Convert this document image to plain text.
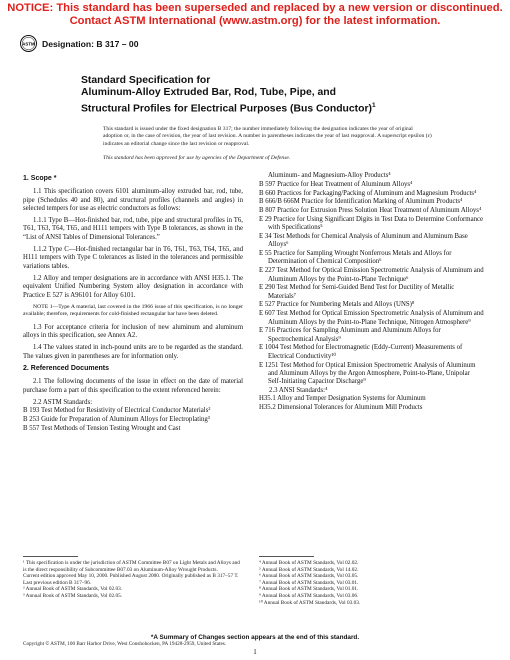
NOTICE: This standard has been superseded and replaced by a new version or discontinued.
Contact ASTM International (www.astm.org) for the latest information.
ASTM Designation: B 317 – 00
Standard Specification for
Aluminum-Alloy Extruded Bar, Rod, Tube, Pipe, and
Structural Profiles for Electrical Purposes (Bus Conductor)$^1$
This standard is issued under the fixed designation B 317; the number immediately following the designation indicates the year of original adoption or, in the case of revision, the year of last revision. A number in parentheses indicates the year of last reapproval. A superscript epsilon (ε) indicates an editorial change since the last revision or reapproval.
This standard has been approved for use by agencies of the Department of Defense.

1. Scope *

1.1 This specification covers 6101 aluminum-alloy extruded bar, rod, tube, pipe (Schedules 40 and 80), and structural profiles (channels and angles) in selected tempers for use as electric conductors as follows:

1.1.1 Type B—Hot-finished bar, rod, tube, pipe and structural profiles in T6, T61, T63, T64, T65, and H111 tempers with Type B tolerances, as shown in the “List of ANSI Tables of Dimensional Tolerances.”

1.1.2 Type C—Hot-finished rectangular bar in T6, T61, T63, T64, T65, and H111 tempers with Type C tolerances as listed in the tolerances and permissible variations tables.

1.2 Alloy and temper designations are in accordance with ANSI H35.1. The equivalent Unified Numbering System alloy designation in accordance with Practice E 527 is A96101 for Alloy 6101.

NOTE 1—Type A material, last covered in the 1966 issue of this specification, is no longer available; therefore, requirements for cold-finished rectangular bar have been deleted.

1.3 For acceptance criteria for inclusion of new aluminum and aluminum alloys in this specification, see Annex A2.

1.4 The values stated in inch-pound units are to be regarded as the standard. The values given in parentheses are for information only.

2. Referenced Documents

2.1 The following documents of the issue in effect on the date of material purchase form a part of this specification to the extent referenced herein:

2.2 ASTM Standards:

B 193 Test Method for Resistivity of Electrical Conductor Materials²

B 253 Guide for Preparation of Aluminum Alloys for Electroplating³

B 557 Test Methods of Tension Testing Wrought and Cast

Aluminum- and Magnesium-Alloy Products⁴

B 597 Practice for Heat Treatment of Aluminum Alloys⁴

B 660 Practices for Packaging/Packing of Aluminum and Magnesium Products⁴

B 666/B 666M Practice for Identification Marking of Aluminum Products⁴

B 807 Practice for Extrusion Press Solution Heat Treatment of Aluminum Alloys⁴

E 29 Practice for Using Significant Digits in Test Data to Determine Conformance with Specifications⁵

E 34 Test Methods for Chemical Analysis of Aluminum and Aluminum Base Alloys⁶

E 55 Practice for Sampling Wrought Nonferrous Metals and Alloys for Determination of Chemical Composition⁶

E 227 Test Method for Optical Emission Spectrometric Analysis of Aluminum and Aluminum Alloys by the Point-to-Plane Technique⁶

E 290 Test Method for Semi-Guided Bend Test for Ductility of Metallic Materials⁷

E 527 Practice for Numbering Metals and Alloys (UNS)⁸

E 607 Test Method for Optical Emission Spectrometric Analysis of Aluminum and Aluminum Alloys by the Point-to-Plane Technique, Nitrogen Atmosphere⁹

E 716 Practices for Sampling Aluminum and Aluminum Alloys for Spectrochemical Analysis⁹

E 1004 Test Method for Electromagnetic (Eddy-Current) Measurements of Electrical Conductivity¹⁰

E 1251 Test Method for Optical Emission Spectrometric Analysis of Aluminum and Aluminum Alloys by the Argon Atmosphere, Point-to-Plane, Unipolar Self-Initiating Capacitor Discharge⁹

2.3 ANSI Standards:⁴

H35.1 Alloy and Temper Designation Systems for Aluminum

H35.2 Dimensional Tolerances for Aluminum Mill Products

¹ This specification is under the jurisdiction of ASTM Committee B07 on Light Metals and Alloys and is the direct responsibility of Subcommittee B07.03 on Aluminum-Alloy Wrought Products.
Current edition approved May 10, 2000. Published August 2000. Originally published as B 317–57 T. Last previous edition B 317–96.
² Annual Book of ASTM Standards, Vol 02.03.
³ Annual Book of ASTM Standards, Vol 02.05.
⁴ Annual Book of ASTM Standards, Vol 02.02.
⁵ Annual Book of ASTM Standards, Vol 14.02.
⁶ Annual Book of ASTM Standards, Vol 03.05.
⁷ Annual Book of ASTM Standards, Vol 03.01.
⁸ Annual Book of ASTM Standards, Vol 01.01.
⁹ Annual Book of ASTM Standards, Vol 03.06.
¹⁰ Annual Book of ASTM Standards, Vol 03.03.
*A Summary of Changes section appears at the end of this standard.
Copyright © ASTM, 100 Barr Harbor Drive, West Conshohocken, PA 19428-2959, United States.
1
